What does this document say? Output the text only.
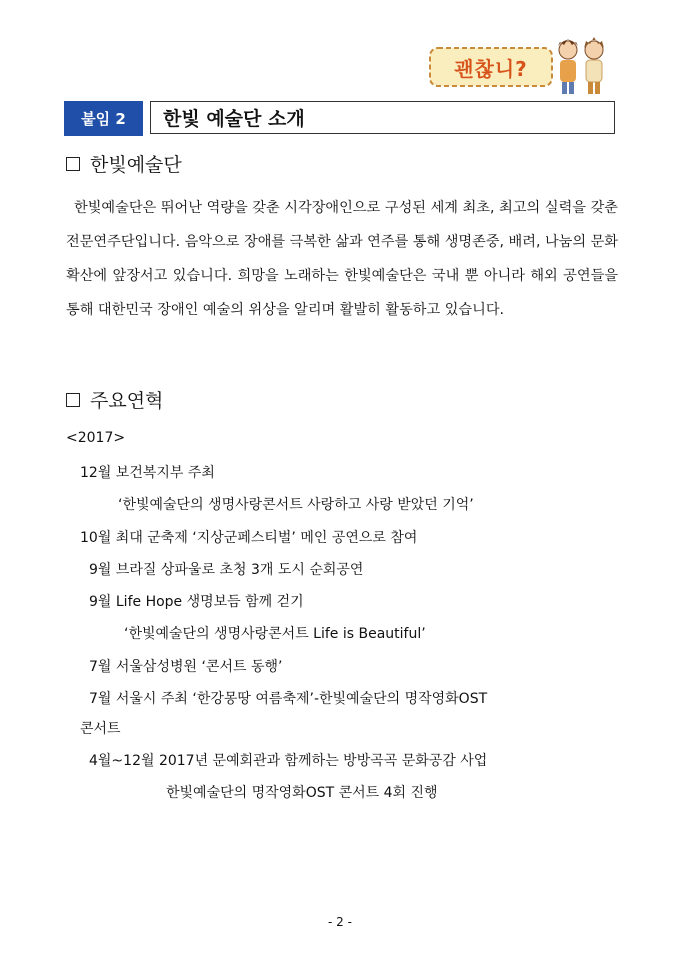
괜찮니?
붙임 2	한빛 예술단 소개
한빛예술단
한빛예술단은 뛰어난 역량을 갖춘 시각장애인으로 구성된 세계 최초, 최고의 실력을 갖춘 전문연주단입니다. 음악으로 장애를 극복한 삶과 연주를 통해 생명존중, 배려, 나눔의 문화 확산에 앞장서고 있습니다. 희망을 노래하는 한빛예술단은 국내 뿐 아니라 해외 공연들을 통해 대한민국 장애인 예술의 위상을 알리며 활발히 활동하고 있습니다.
주요연혁
<2017>
12월 보건복지부 주최
‘한빛예술단의 생명사랑콘서트 사랑하고 사랑 받았던 기억’
10월 최대 군축제 ‘지상군페스티벌’ 메인 공연으로 참여
9월 브라질 상파울로 초청 3개 도시 순회공연
9월 Life Hope 생명보듬 함께 걷기
‘한빛예술단의 생명사랑콘서트 Life is Beautiful’
7월 서울삼성병원 ‘콘서트 동행’
7월 서울시 주최 ‘한강몽땅 여름축제’-한빛예술단의 명작영화OST
콘서트
4월~12월 2017년 문예회관과 함께하는 방방곡곡 문화공감 사업
한빛예술단의 명작영화OST 콘서트 4회 진행
- 2 -
